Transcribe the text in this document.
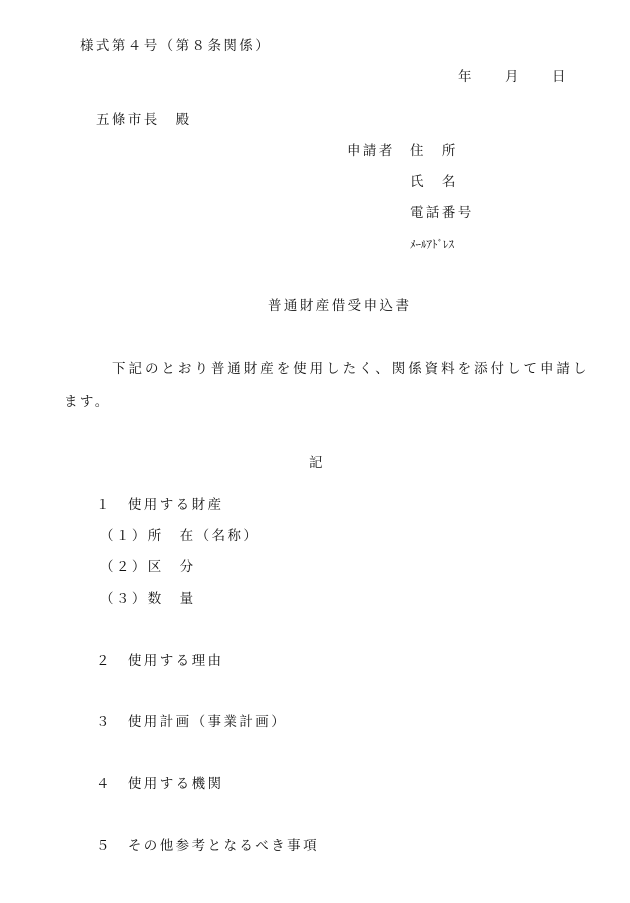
様式第４号（第８条関係）
年 月 日
五條市長　殿
申請者 住　所
氏　名
電話番号
ﾒｰﾙｱﾄﾞﾚｽ
普通財産借受申込書
下記のとおり普通財産を使用したく、関係資料を添付して申請し
ます。
記
１　使用する財産
（１）所　在（名称）
（２）区　分
（３）数　量
２　使用する理由
３　使用計画（事業計画）
４　使用する機関
５　その他参考となるべき事項
